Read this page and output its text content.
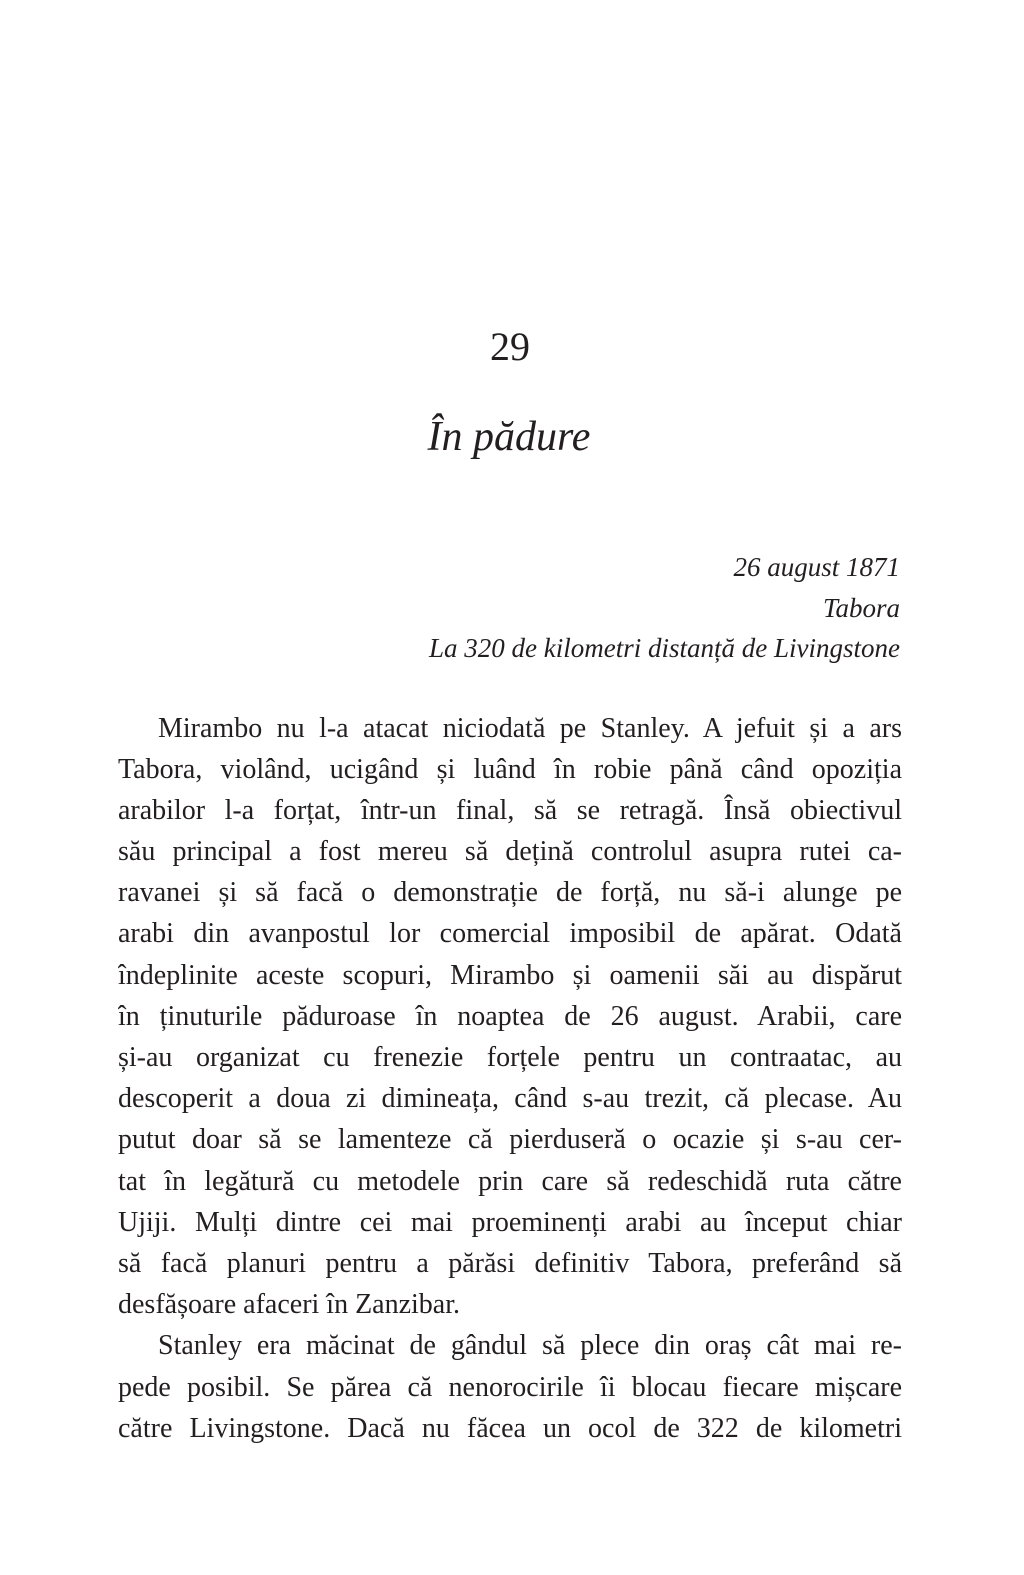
29
În pădure
26 august 1871
Tabora
La 320 de kilometri distanță de Livingstone
Mirambo nu l-a atacat niciodată pe Stanley. A jefuit și a ars
Tabora, violând, ucigând și luând în robie până când opoziția
arabilor l-a forțat, într-un final, să se retragă. Însă obiectivul
său principal a fost mereu să dețină controlul asupra rutei ca-
ravanei și să facă o demonstrație de forță, nu să-i alunge pe
arabi din avanpostul lor comercial imposibil de apărat. Odată
îndeplinite aceste scopuri, Mirambo și oamenii săi au dispărut
în ținuturile păduroase în noaptea de 26 august. Arabii, care
și-au organizat cu frenezie forțele pentru un contraatac, au
descoperit a doua zi dimineața, când s-au trezit, că plecase. Au
putut doar să se lamenteze că pierduseră o ocazie și s-au cer-
tat în legătură cu metodele prin care să redeschidă ruta către
Ujiji. Mulți dintre cei mai proeminenți arabi au început chiar
să facă planuri pentru a părăsi definitiv Tabora, preferând să
desfășoare afaceri în Zanzibar.
Stanley era măcinat de gândul să plece din oraș cât mai re-
pede posibil. Se părea că nenorocirile îi blocau fiecare mișcare
către Livingstone. Dacă nu făcea un ocol de 322 de kilometri
